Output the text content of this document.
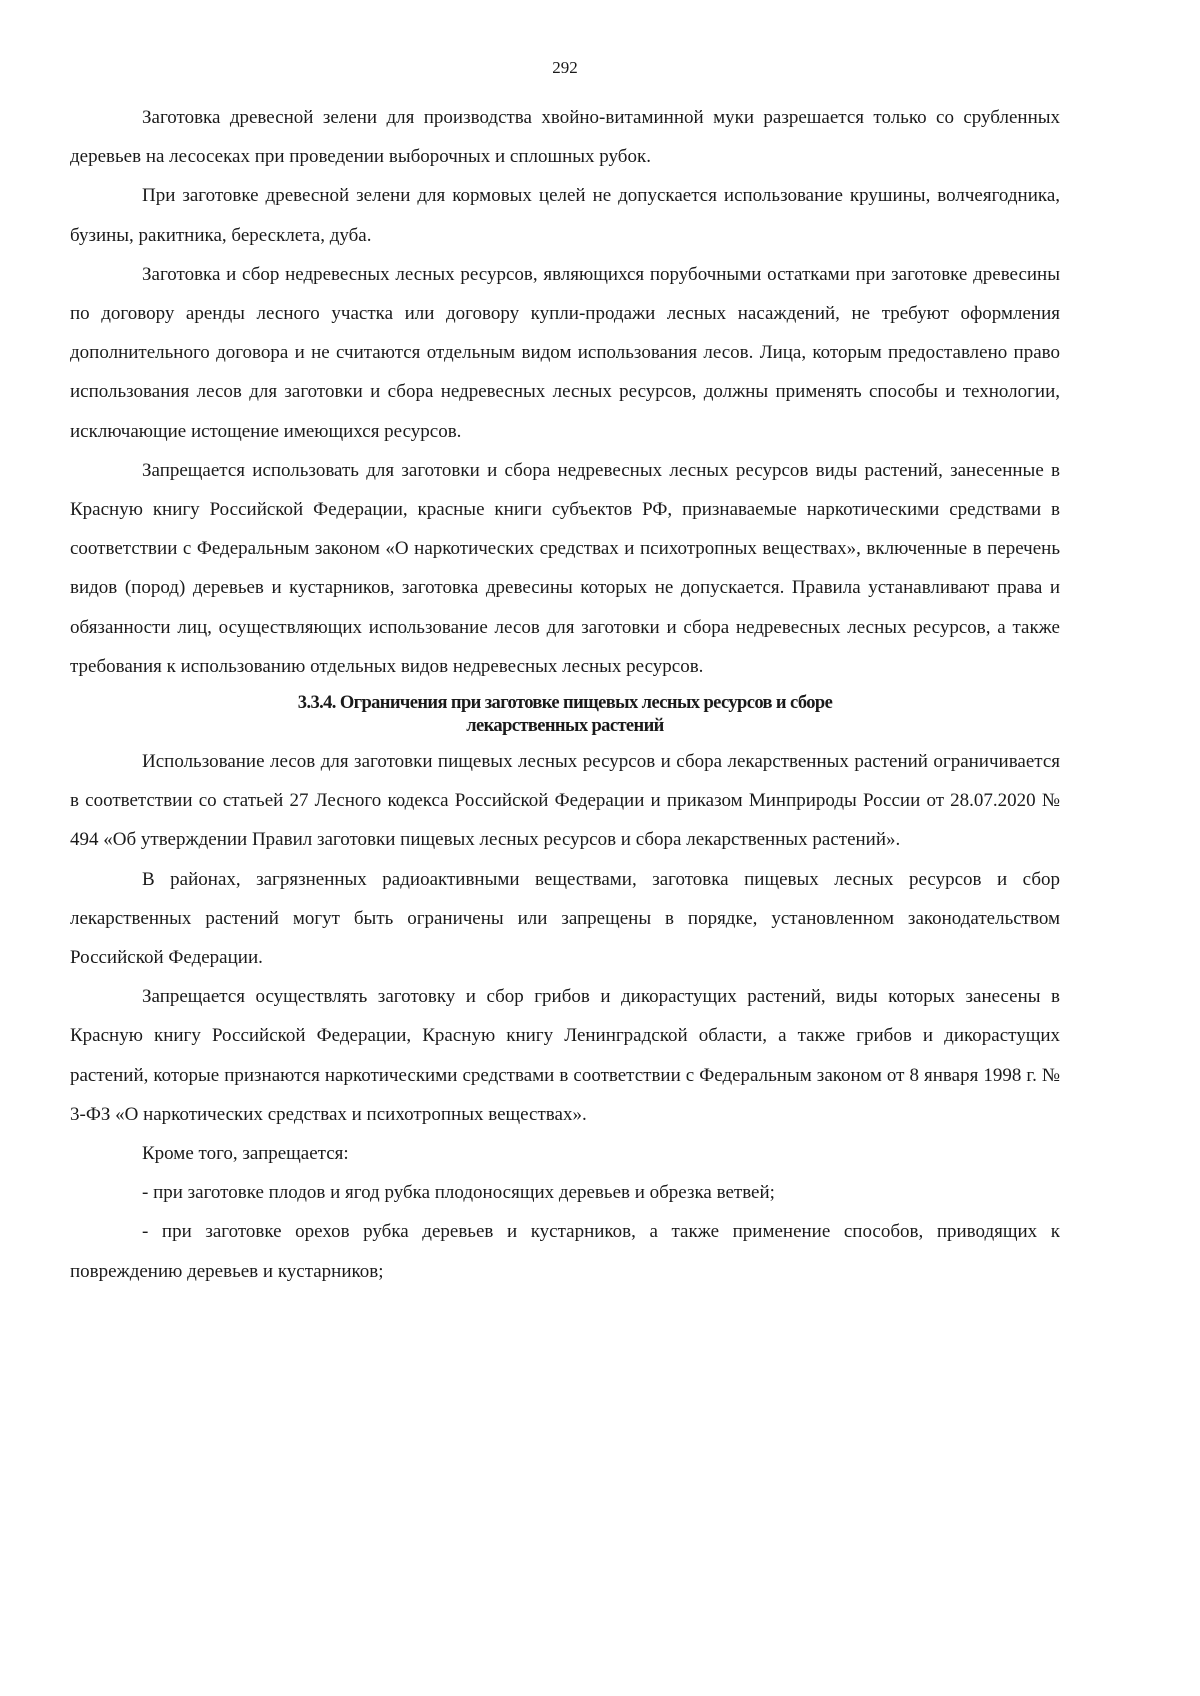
292

Заготовка древесной зелени для производства хвойно-витаминной муки разрешается только со срубленных деревьев на лесосеках при проведении выборочных и сплошных рубок.

При заготовке древесной зелени для кормовых целей не допускается использование крушины, волчеягодника, бузины, ракитника, бересклета, дуба.

Заготовка и сбор недревесных лесных ресурсов, являющихся порубочными остатками при заготовке древесины по договору аренды лесного участка или договору купли-продажи лесных насаждений, не требуют оформления дополнительного договора и не считаются отдельным видом использования лесов. Лица, которым предоставлено право использования лесов для заготовки и сбора недревесных лесных ресурсов, должны применять способы и технологии, исключающие истощение имеющихся ресурсов.

Запрещается использовать для заготовки и сбора недревесных лесных ресурсов виды растений, занесенные в Красную книгу Российской Федерации, красные книги субъектов РФ, признаваемые наркотическими средствами в соответствии с Федеральным законом «О наркотических средствах и психотропных веществах», включенные в перечень видов (пород) деревьев и кустарников, заготовка древесины которых не допускается. Правила устанавливают права и обязанности лиц, осуществляющих использование лесов для заготовки и сбора недревесных лесных ресурсов, а также требования к использованию отдельных видов недревесных лесных ресурсов.

3.3.4. Ограничения при заготовке пищевых лесных ресурсов и сборе
лекарственных растений

Использование лесов для заготовки пищевых лесных ресурсов и сбора лекарственных растений ограничивается в соответствии со статьей 27 Лесного кодекса Российской Федерации и приказом Минприроды России от 28.07.2020 № 494 «Об утверждении Правил заготовки пищевых лесных ресурсов и сбора лекарственных растений».

В районах, загрязненных радиоактивными веществами, заготовка пищевых лесных ресурсов и сбор лекарственных растений могут быть ограничены или запрещены в порядке, установленном законодательством Российской Федерации.

Запрещается осуществлять заготовку и сбор грибов и дикорастущих растений, виды которых занесены в Красную книгу Российской Федерации, Красную книгу Ленинградской области, а также грибов и дикорастущих растений, которые признаются наркотическими средствами в соответствии с Федеральным законом от 8 января 1998 г. № 3-ФЗ «О наркотических средствах и психотропных веществах».

Кроме того, запрещается:

- при заготовке плодов и ягод рубка плодоносящих деревьев и обрезка ветвей;

- при заготовке орехов рубка деревьев и кустарников, а также применение способов, приводящих к повреждению деревьев и кустарников;
